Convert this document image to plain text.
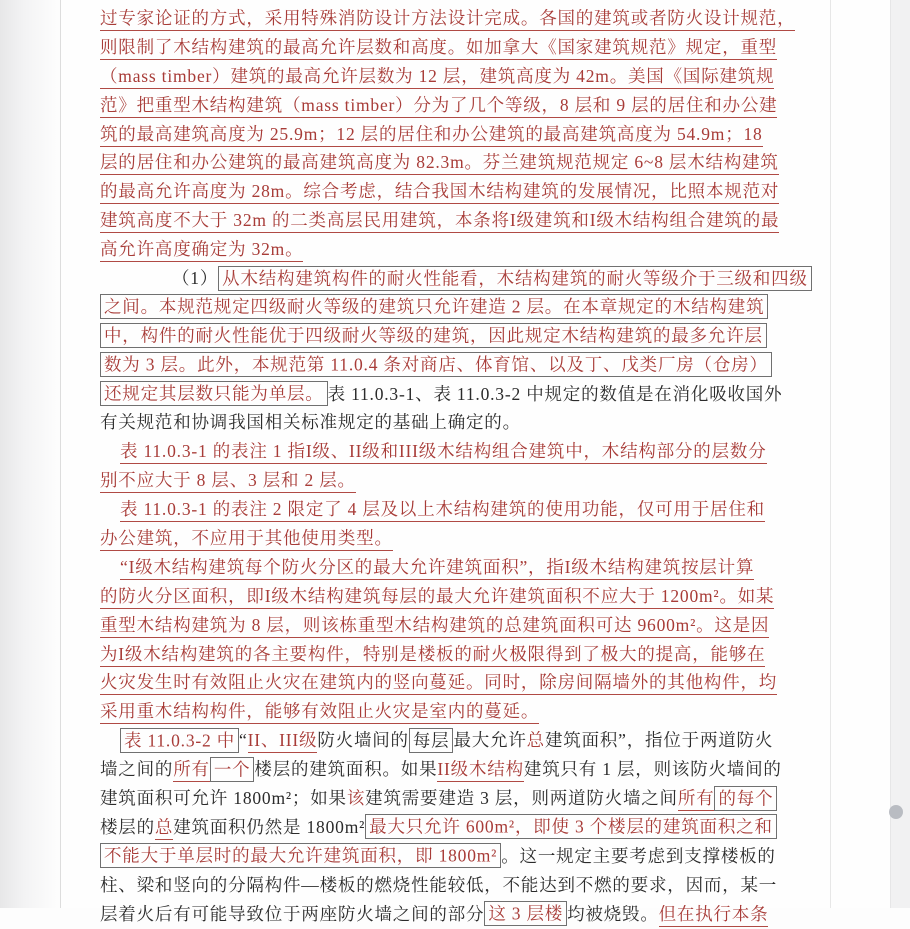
过专家论证的方式，采用特殊消防设计方法设计完成。各国的建筑或者防火设计规范，
则限制了木结构建筑的最高允许层数和高度。如加拿大《国家建筑规范》规定，重型
（mass timber）建筑的最高允许层数为 12 层，建筑高度为 42m。美国《国际建筑规
范》把重型木结构建筑（mass timber）分为了几个等级，8 层和 9 层的居住和办公建
筑的最高建筑高度为 25.9m；12 层的居住和办公建筑的最高建筑高度为 54.9m；18
层的居住和办公建筑的最高建筑高度为 82.3m。芬兰建筑规范规定 6~8 层木结构建筑
的最高允许高度为 28m。综合考虑，结合我国木结构建筑的发展情况，比照本规范对
建筑高度不大于 32m 的二类高层民用建筑，本条将I级建筑和I级木结构组合建筑的最
高允许高度确定为 32m。
（1） 从木结构建筑构件的耐火性能看，木结构建筑的耐火等级介于三级和四级
之间。本规范规定四级耐火等级的建筑只允许建造 2 层。在本章规定的木结构建筑
中，构件的耐火性能优于四级耐火等级的建筑，因此规定木结构建筑的最多允许层
数为 3 层。此外，本规范第 11.0.4 条对商店、体育馆、以及丁、戊类厂房（仓房）
还规定其层数只能为单层。 表 11.0.3-1、表 11.0.3-2 中规定的数值是在消化吸收国外
有关规范和协调我国相关标准规定的基础上确定的。
表 11.0.3-1 的表注 1 指I级、II级和III级木结构组合建筑中，木结构部分的层数分
别不应大于 8 层、3 层和 2 层。
表 11.0.3-1 的表注 2 限定了 4 层及以上木结构建筑的使用功能，仅可用于居住和
办公建筑，不应用于其他使用类型。
“I级木结构建筑每个防火分区的最大允许建筑面积”，指I级木结构建筑按层计算
的防火分区面积，即I级木结构建筑每层的最大允许建筑面积不应大于 1200m²。如某
重型木结构建筑为 8 层，则该栋重型木结构建筑的总建筑面积可达 9600m²。这是因
为I级木结构建筑的各主要构件，特别是楼板的耐火极限得到了极大的提高，能够在
火灾发生时有效阻止火灾在建筑内的竖向蔓延。同时，除房间隔墙外的其他构件，均
采用重木结构构件，能够有效阻止火灾是室内的蔓延。
表 11.0.3-2 中 “II、III级防火墙间的 每层 最大允许总建筑面积”，指位于两道防火
墙之间的所有 一个 楼层的建筑面积。如果II级木结构建筑只有 1 层，则该防火墙间的
建筑面积可允许 1800m²；如果该建筑需要建造 3 层，则两道防火墙之间所有 的每个
楼层的总建筑面积仍然是 1800m² 最大只允许 600m²，即使 3 个楼层的建筑面积之和
不能大于单层时的最大允许建筑面积，即 1800m² 。这一规定主要考虑到支撑楼板的
柱、梁和竖向的分隔构件—楼板的燃烧性能较低，不能达到不燃的要求，因而，某一
层着火后有可能导致位于两座防火墙之间的部分 这 3 层楼 均被烧毁。但在执行本条
